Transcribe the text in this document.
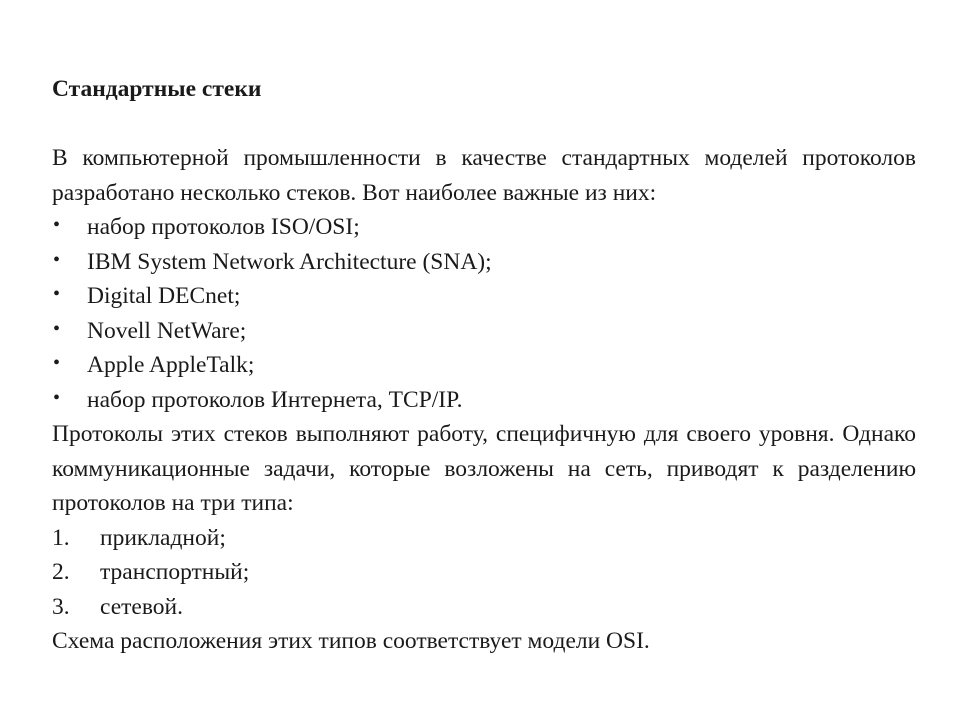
Стандартные стеки

В компьютерной промышленности в качестве стандартных моделей протоколов разработано несколько стеков. Вот наиболее важные из них:

• набор протоколов ISO/OSI;
• IBM System Network Architecture (SNA);
• Digital DECnet;
• Novell NetWare;
• Apple AppleTalk;
• набор протоколов Интернета, TCP/IP.

Протоколы этих стеков выполняют работу, специфичную для своего уровня. Однако коммуникационные задачи, которые возложены на сеть, приводят к разделению протоколов на три типа:

1. прикладной;
2. транспортный;
3. сетевой.

Схема расположения этих типов соответствует модели OSI.
